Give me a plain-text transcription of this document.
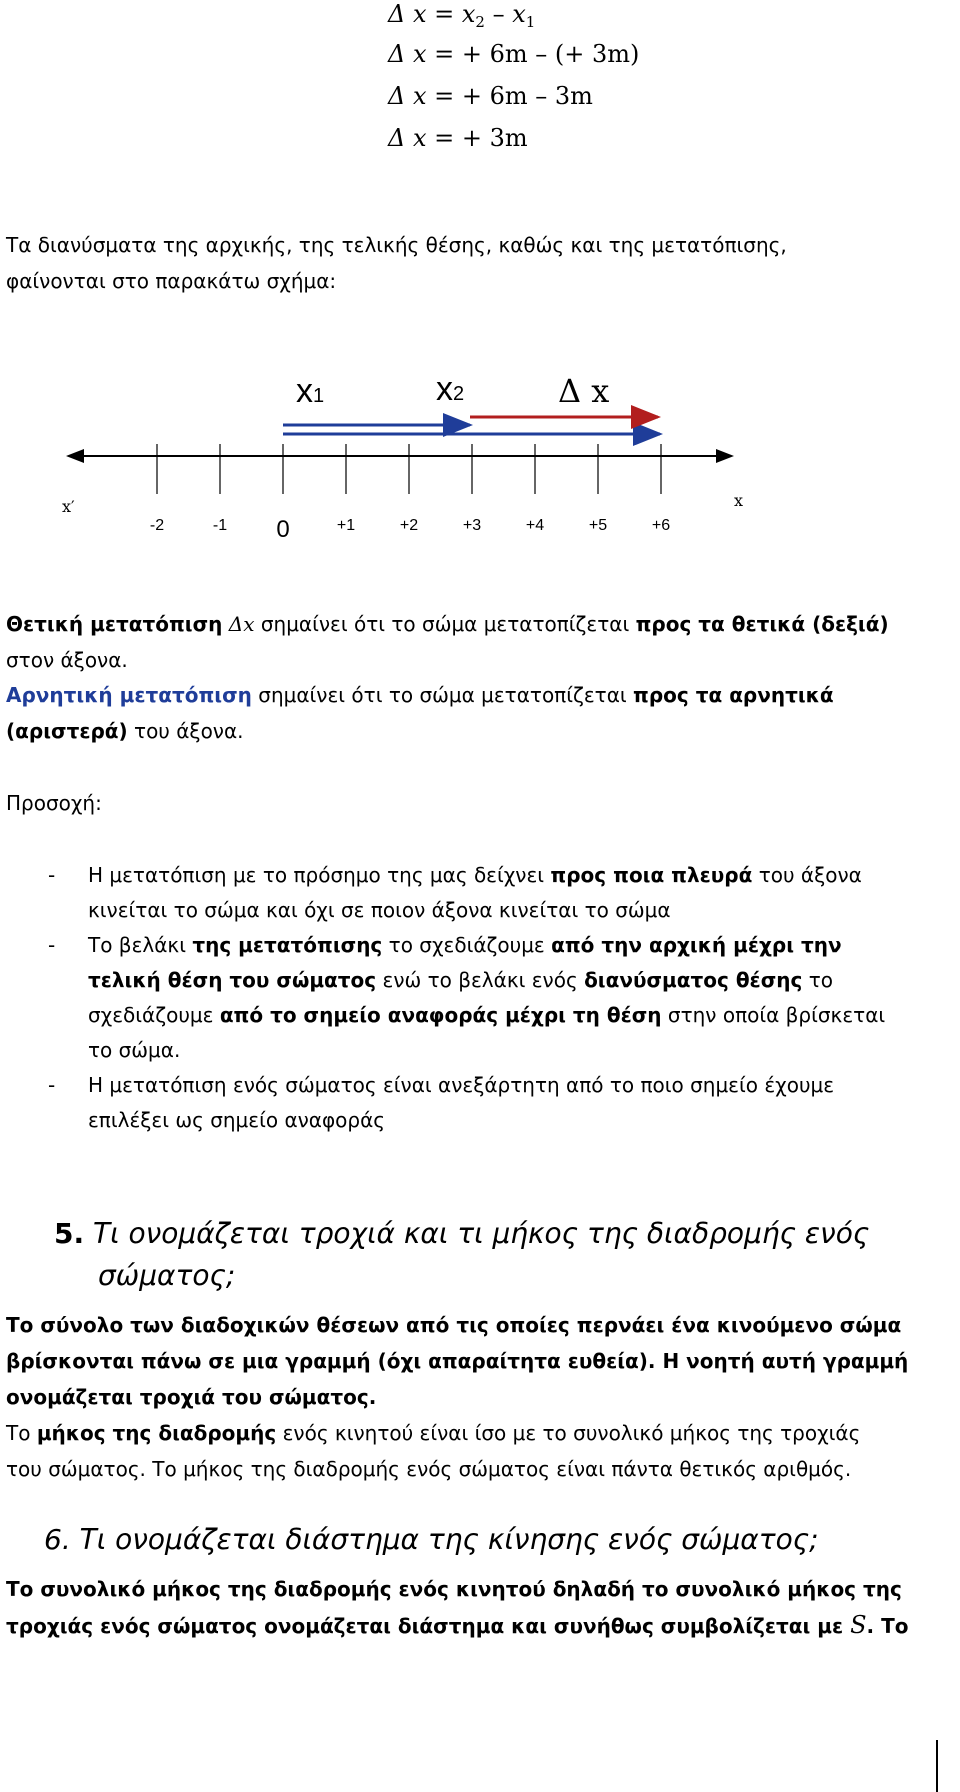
Δ $x = x_2 - x_1$
Δ x = + 6m – (+ 3m)
Δ x = + 6m – 3m
Δ x = + 3m
Τα διανύσματα της αρχικής, της τελικής θέσης, καθώς και της μετατόπισης,
φαίνονται στο παρακάτω σχήμα:
x1	x2	Δ x
-2	-1 0	+1	+2	+3	+4	+5	+6
x′	x
Θετική μετατόπιση Δx σημαίνει ότι το σώμα μετατοπίζεται προς τα θετικά (δεξιά)
στον άξονα.
Αρνητική μετατόπιση σημαίνει ότι το σώμα μετατοπίζεται προς τα αρνητικά
(αριστερά) του άξονα.
Προσοχή:
- Η μετατόπιση με το πρόσημο της μας δείχνει προς ποια πλευρά του άξονα
κινείται το σώμα και όχι σε ποιον άξονα κινείται το σώμα
- Το βελάκι της μετατόπισης το σχεδιάζουμε από την αρχική μέχρι την
τελική θέση του σώματος ενώ το βελάκι ενός διανύσματος θέσης το
σχεδιάζουμε από το σημείο αναφοράς μέχρι τη θέση στην οποία βρίσκεται
το σώμα.
- Η μετατόπιση ενός σώματος είναι ανεξάρτητη από το ποιο σημείο έχουμε
επιλέξει ως σημείο αναφοράς
5. Τι ονομάζεται τροχιά και τι μήκος της διαδρομής ενός
σώματος;
Το σύνολο των διαδοχικών θέσεων από τις οποίες περνάει ένα κινούμενο σώμα
βρίσκονται πάνω σε μια γραμμή (όχι απαραίτητα ευθεία). Η νοητή αυτή γραμμή
ονομάζεται τροχιά του σώματος.
Το μήκος της διαδρομής ενός κινητού είναι ίσο με το συνολικό μήκος της τροχιάς
του σώματος. Το μήκος της διαδρομής ενός σώματος είναι πάντα θετικός αριθμός.
6. Τι ονομάζεται διάστημα της κίνησης ενός σώματος;
Το συνολικό μήκος της διαδρομής ενός κινητού δηλαδή το συνολικό μήκος της
τροχιάς ενός σώματος ονομάζεται διάστημα και συνήθως συμβολίζεται με S. Το
